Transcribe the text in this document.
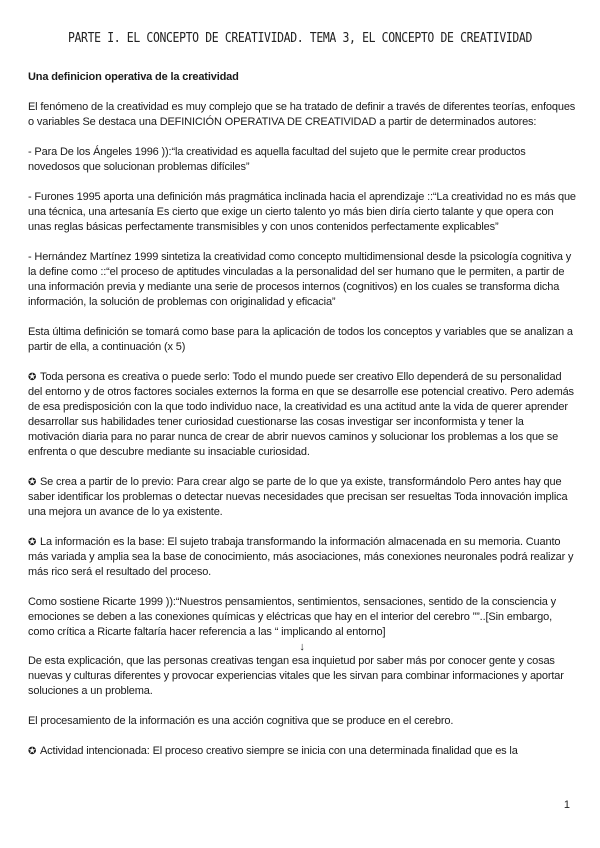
PARTE I. EL CONCEPTO DE CREATIVIDAD. TEMA 3, EL CONCEPTO DE CREATIVIDAD

Una definicion operativa de la creatividad

El fenómeno de la creatividad es muy complejo que se ha tratado de definir a través de diferentes teorías, enfoques o variables Se destaca una DEFINICIÓN OPERATIVA DE CREATIVIDAD a partir de determinados autores:

- Para De los Ángeles 1996 )):“la creatividad es aquella facultad del sujeto que le permite crear productos novedosos que solucionan problemas difíciles”

- Furones 1995 aporta una definición más pragmática inclinada hacia el aprendizaje ::“La creatividad no es más que una técnica, una artesanía Es cierto que exige un cierto talento yo más bien diría cierto talante y que opera con unas reglas básicas perfectamente transmisibles y con unos contenidos perfectamente explicables”

- Hernández Martínez 1999 sintetiza la creatividad como concepto multidimensional desde la psicología cognitiva y la define como ::“el proceso de aptitudes vinculadas a la personalidad del ser humano que le permiten, a partir de una información previa y mediante una serie de procesos internos (cognitivos) en los cuales se transforma dicha información, la solución de problemas con originalidad y eficacia”

Esta última definición se tomará como base para la aplicación de todos los conceptos y variables que se analizan a partir de ella, a continuación (x 5)

✪ Toda persona es creativa o puede serlo: Todo el mundo puede ser creativo Ello dependerá de su personalidad del entorno y de otros factores sociales externos la forma en que se desarrolle ese potencial creativo. Pero además de esa predisposición con la que todo individuo nace, la creatividad es una actitud ante la vida de querer aprender desarrollar sus habilidades tener curiosidad cuestionarse las cosas investigar ser inconformista y tener la motivación diaria para no parar nunca de crear de abrir nuevos caminos y solucionar los problemas a los que se enfrenta o que descubre mediante su insaciable curiosidad.

✪ Se crea a partir de lo previo: Para crear algo se parte de lo que ya existe, transformándolo Pero antes hay que saber identificar los problemas o detectar nuevas necesidades que precisan ser resueltas Toda innovación implica una mejora un avance de lo ya existente.

✪ La información es la base: El sujeto trabaja transformando la información almacenada en su memoria. Cuanto más variada y amplia sea la base de conocimiento, más asociaciones, más conexiones neuronales podrá realizar y más rico será el resultado del proceso.

Como sostiene Ricarte 1999 )):“Nuestros pensamientos, sentimientos, sensaciones, sentido de la consciencia y emociones se deben a las conexiones químicas y eléctricas que hay en el interior del cerebro ””..[Sin embargo, como crítica a Ricarte faltaría hacer referencia a las “ implicando al entorno]

↓

De esta explicación, que las personas creativas tengan esa inquietud por saber más por conocer gente y cosas nuevas y culturas diferentes y provocar experiencias vitales que les sirvan para combinar informaciones y aportar soluciones a un problema.

El procesamiento de la información es una acción cognitiva que se produce en el cerebro.

✪ Actividad intencionada: El proceso creativo siempre se inicia con una determinada finalidad que es la

1
